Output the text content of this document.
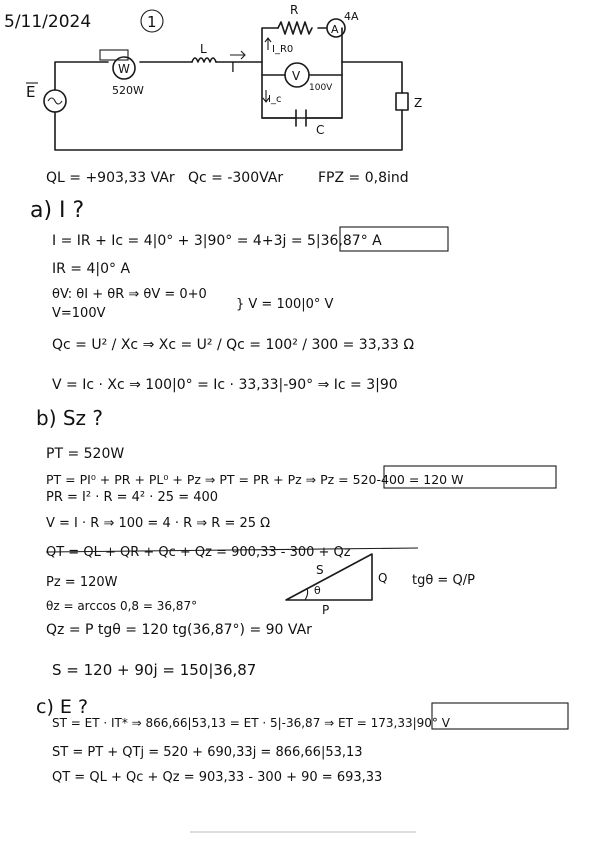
5/11/2024	1
E
W
520W
L
I
R
A
4A
I_R0
V
100V
I_c
C
Z
QL = +903,33 VAr Qc = -300VAr FPZ = 0,8ind
a) I ?
I = IR + Ic = 4|0° + 3|90° = 4+3j = 5|36,87° A
IR = 4|0° A
θV: θI + θR ⇒ θV = 0+0
V=100V
} V = 100|0° V
Qc = U² / Xc ⇒ Xc = U² / Qc = 100² / 300 = 33,33 Ω
V = Ic · Xc ⇒ 100|0° = Ic · 33,33|-90° ⇒ Ic = 3|90
b) Sz ?
PT = 520W
PT = PI⁰ + PR + PL⁰ + Pz ⇒ PT = PR + Pz ⇒ Pz = 520-400 = 120 W
PR = I² · R = 4² · 25 = 400
V = I · R ⇒ 100 = 4 · R ⇒ R = 25 Ω
QT = QL + QR + Qc + Qz = 900,33 - 300 + Qz
Pz = 120W
θz = arccos 0,8 = 36,87°
Qz = P tgθ = 120 tg(36,87°) = 90 VAr
S = 120 + 90j = 150|36,87
S
θ
Q
P
tgθ = Q/P
c) E ?
ST = ET · IT* ⇒ 866,66|53,13 = ET · 5|-36,87 ⇒ ET = 173,33|90° V
ST = PT + QTj = 520 + 690,33j = 866,66|53,13
QT = QL + Qc + Qz = 903,33 - 300 + 90 = 693,33
